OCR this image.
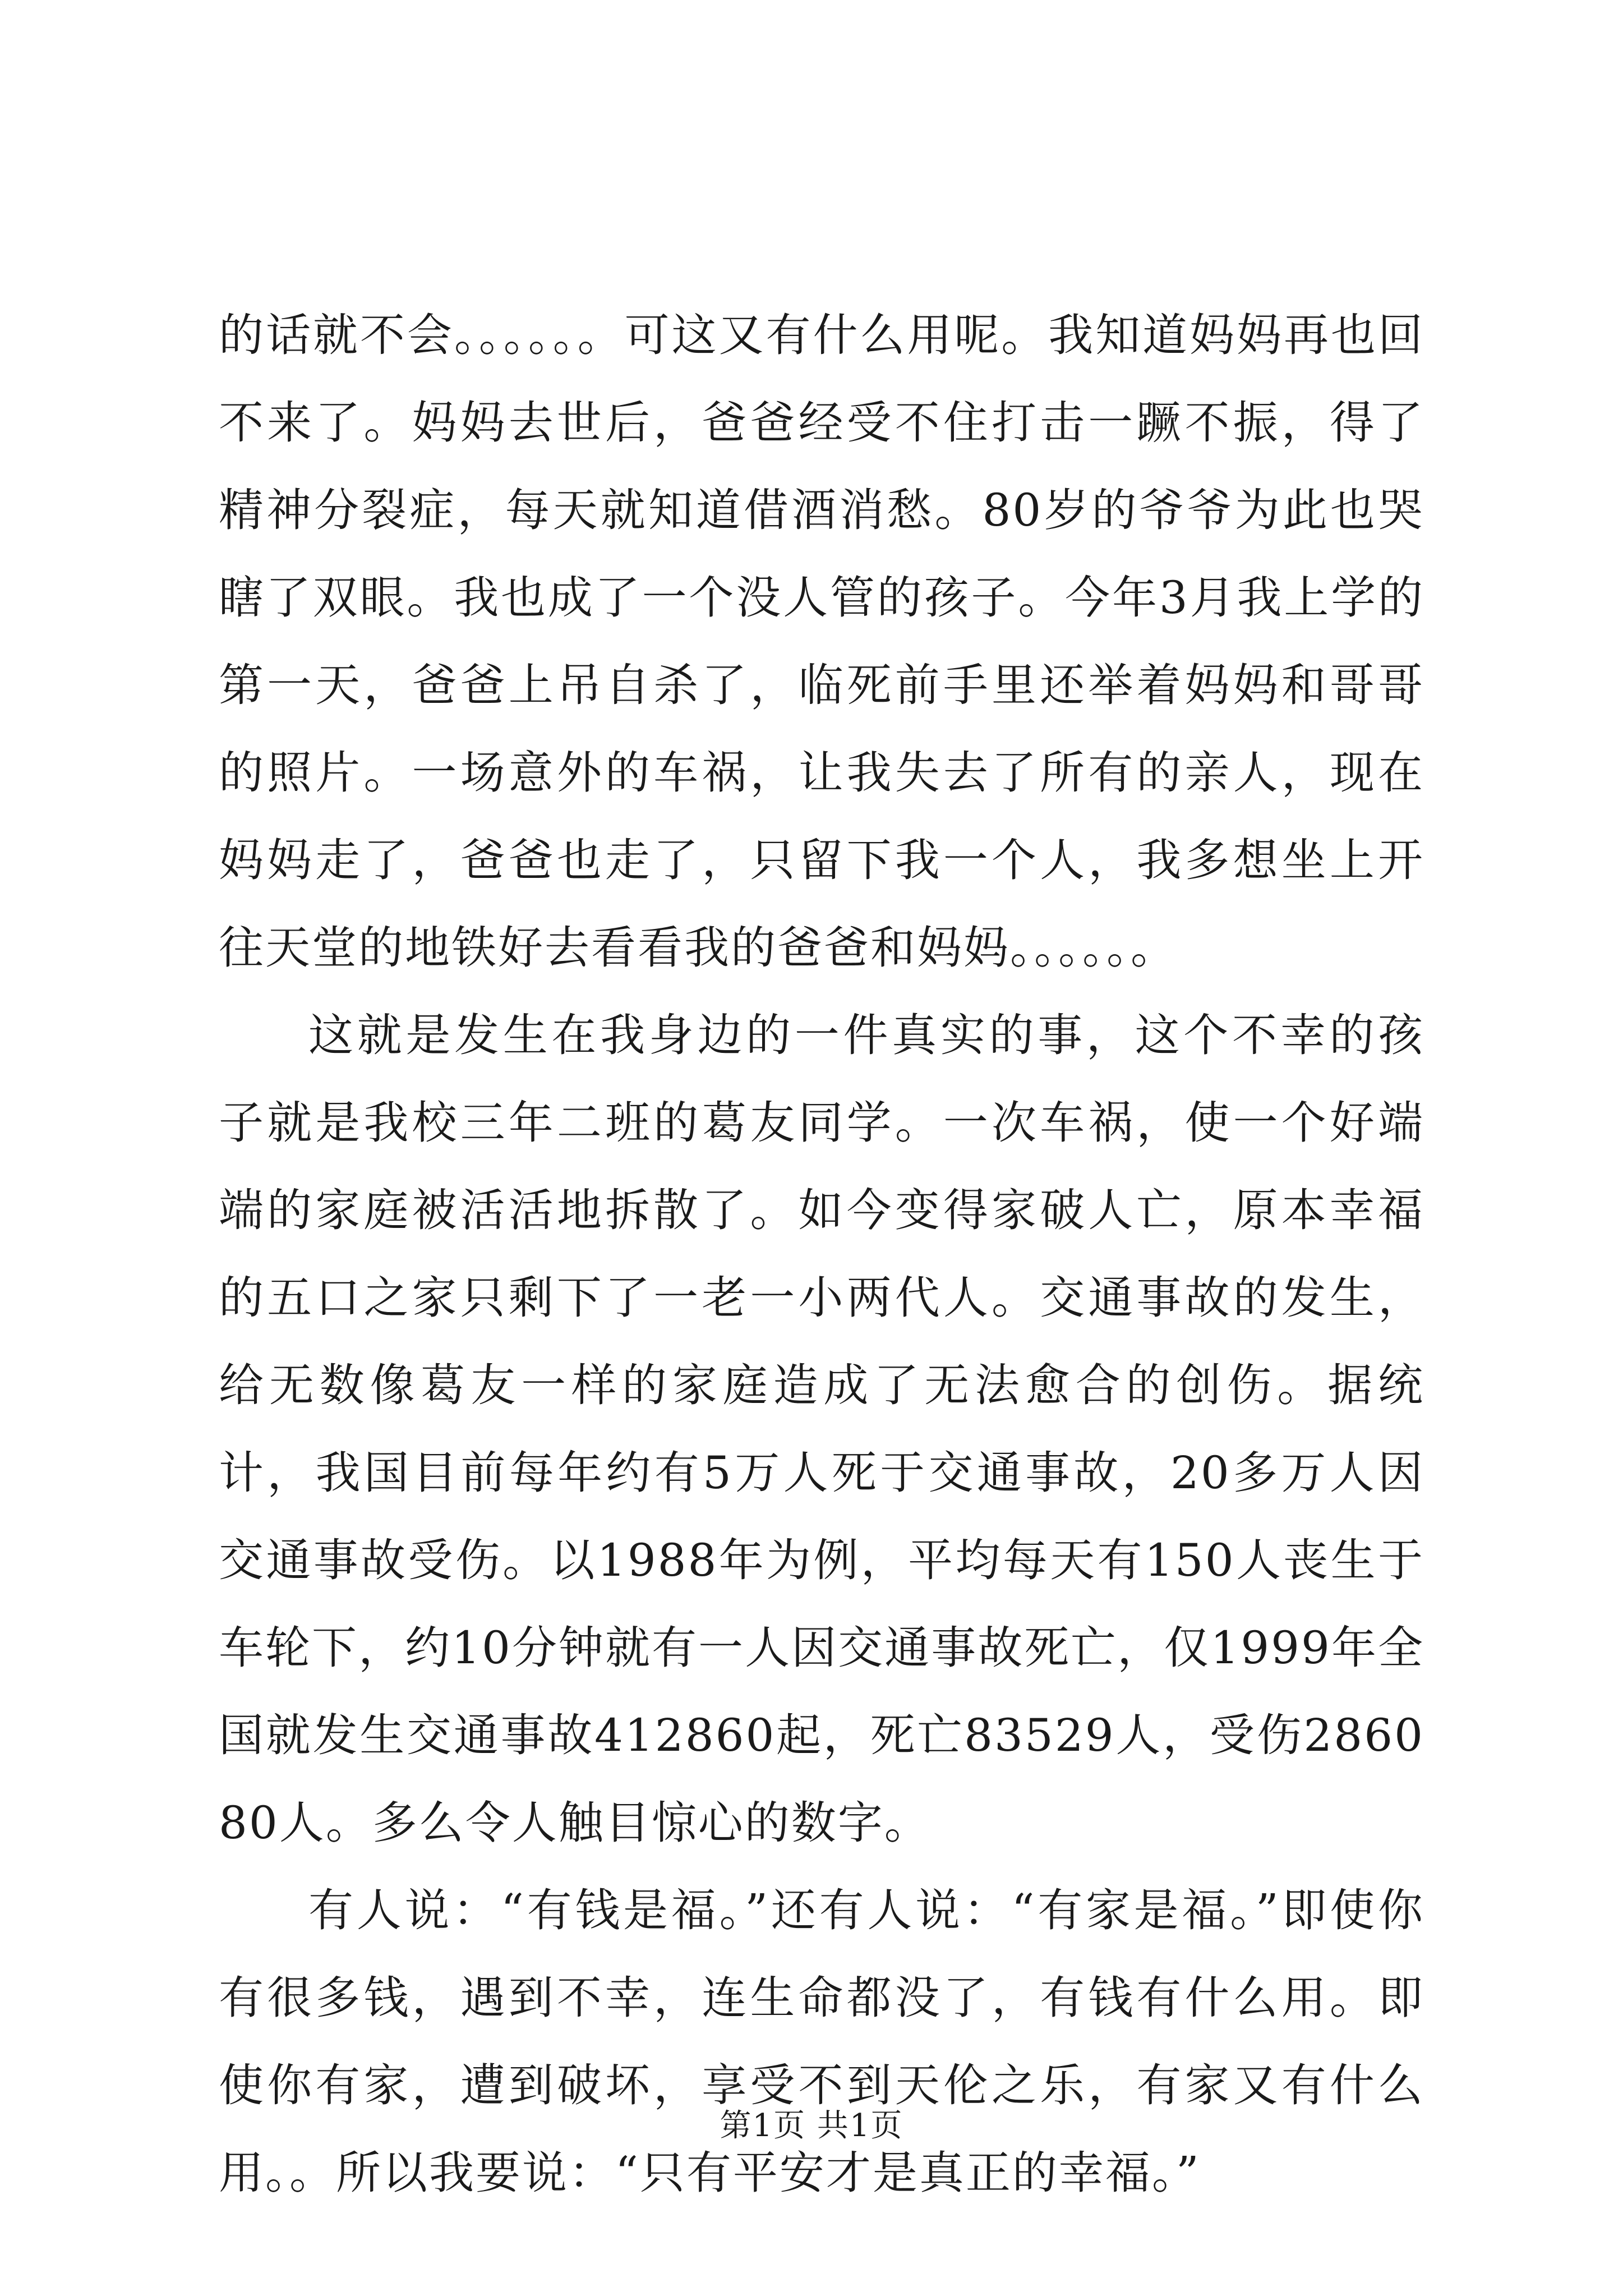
的话就不会。。。。。。可这又有什么用呢。我知道妈妈再也回不来了。妈妈去世后，爸爸经受不住打击一蹶不振，得了精神分裂症，每天就知道借酒消愁。80岁的爷爷为此也哭瞎了双眼。我也成了一个没人管的孩子。今年3月我上学的第一天，爸爸上吊自杀了，临死前手里还举着妈妈和哥哥的照片。一场意外的车祸，让我失去了所有的亲人，现在妈妈走了，爸爸也走了，只留下我一个人，我多想坐上开往天堂的地铁好去看看我的爸爸和妈妈。。。。。。

这就是发生在我身边的一件真实的事，这个不幸的孩子就是我校三年二班的葛友同学。一次车祸，使一个好端端的家庭被活活地拆散了。如今变得家破人亡，原本幸福的五口之家只剩下了一老一小两代人。交通事故的发生，给无数像葛友一样的家庭造成了无法愈合的创伤。据统计，我国目前每年约有5万人死于交通事故，20多万人因交通事故受伤。以1988年为例，平均每天有150人丧生于车轮下，约10分钟就有一人因交通事故死亡，仅1999年全国就发生交通事故412860起，死亡83529人，受伤286080人。多么令人触目惊心的数字。

有人说：“有钱是福。”还有人说：“有家是福。”即使你有很多钱，遇到不幸，连生命都没了，有钱有什么用。即使你有家，遭到破坏，享受不到天伦之乐，有家又有什么用。。所以我要说：“只有平安才是真正的幸福。”

第1页 共1页
